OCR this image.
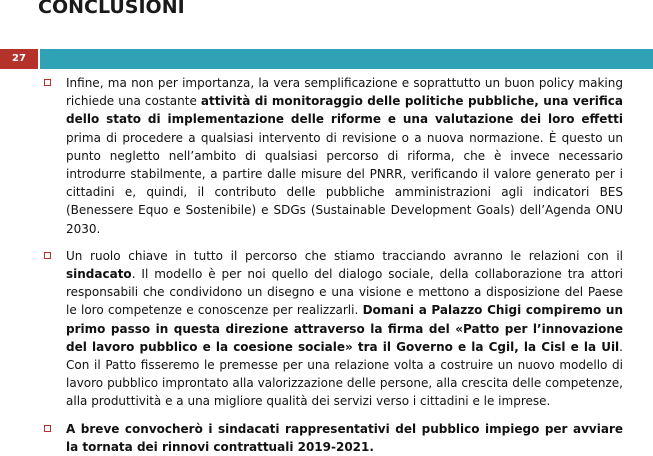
CONCLUSIONI
27
Infine, ma non per importanza, la vera semplificazione e soprattutto un buon policy making richiede una costante attività di monitoraggio delle politiche pubbliche, una verifica dello stato di implementazione delle riforme e una valutazione dei loro effetti prima di procedere a qualsiasi intervento di revisione o a nuova normazione. È questo un punto negletto nell’ambito di qualsiasi percorso di riforma, che è invece necessario introdurre stabilmente, a partire dalle misure del PNRR, verificando il valore generato per i cittadini e, quindi, il contributo delle pubbliche amministrazioni agli indicatori BES (Benessere Equo e Sostenibile) e SDGs (Sustainable Development Goals) dell’Agenda ONU 2030.
Un ruolo chiave in tutto il percorso che stiamo tracciando avranno le relazioni con il sindacato. Il modello è per noi quello del dialogo sociale, della collaborazione tra attori responsabili che condividono un disegno e una visione e mettono a disposizione del Paese le loro competenze e conoscenze per realizzarli. Domani a Palazzo Chigi compiremo un primo passo in questa direzione attraverso la firma del «Patto per l’innovazione del lavoro pubblico e la coesione sociale» tra il Governo e la Cgil, la Cisl e la Uil. Con il Patto fisseremo le premesse per una relazione volta a costruire un nuovo modello di lavoro pubblico improntato alla valorizzazione delle persone, alla crescita delle competenze, alla produttività e a una migliore qualità dei servizi verso i cittadini e le imprese.
A breve convocherò i sindacati rappresentativi del pubblico impiego per avviare la tornata dei rinnovi contrattuali 2019-2021.
